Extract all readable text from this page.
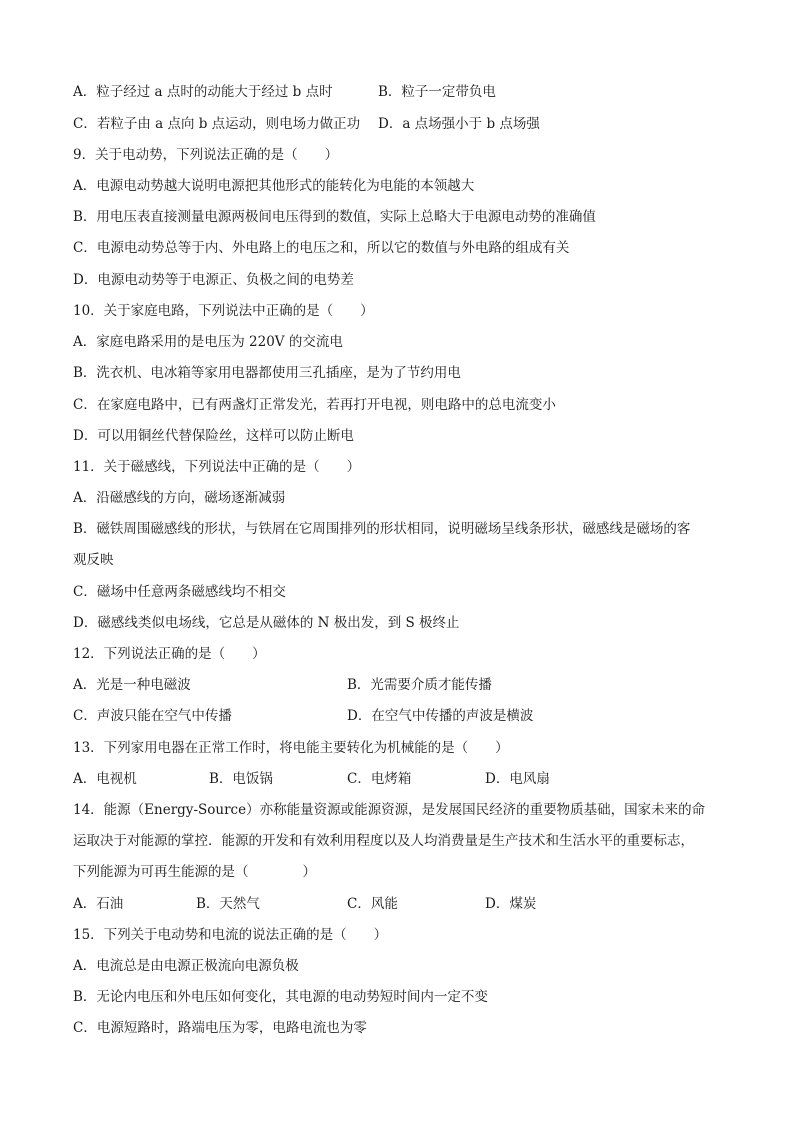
A．粒子经过 a 点时的动能大于经过 b 点时	B．粒子一定带负电
C．若粒子由 a 点向 b 点运动，则电场力做正功 D．a 点场强小于 b 点场强
9．关于电动势，下列说法正确的是（　　）
A．电源电动势越大说明电源把其他形式的能转化为电能的本领越大
B．用电压表直接测量电源两极间电压得到的数值，实际上总略大于电源电动势的准确值
C．电源电动势总等于内、外电路上的电压之和，所以它的数值与外电路的组成有关
D．电源电动势等于电源正、负极之间的电势差
10．关于家庭电路，下列说法中正确的是（　　）
A．家庭电路采用的是电压为 220V 的交流电
B．洗衣机、电冰箱等家用电器都使用三孔插座，是为了节约用电
C．在家庭电路中，已有两盏灯正常发光，若再打开电视，则电路中的总电流变小
D．可以用铜丝代替保险丝，这样可以防止断电
11．关于磁感线，下列说法中正确的是（　　）
A．沿磁感线的方向，磁场逐渐减弱
B．磁铁周围磁感线的形状，与铁屑在它周围排列的形状相同，说明磁场呈线条形状，磁感线是磁场的客
观反映
C．磁场中任意两条磁感线均不相交
D．磁感线类似电场线，它总是从磁体的 N 极出发，到 S 极终止
12．下列说法正确的是（　　）
A．光是一种电磁波	B．光需要介质才能传播
C．声波只能在空气中传播	D．在空气中传播的声波是横波
13．下列家用电器在正常工作时，将电能主要转化为机械能的是（　　）
A．电视机	B．电饭锅	C．电烤箱	D．电风扇
14．能源（Energy-Source）亦称能量资源或能源资源，是发展国民经济的重要物质基础，国家未来的命
运取决于对能源的掌控．能源的开发和有效利用程度以及人均消费量是生产技术和生活水平的重要标志，
下列能源为可再生能源的是（　　　　）
A．石油	B．天然气	C．风能	D．煤炭
15．下列关于电动势和电流的说法正确的是（　　）
A．电流总是由电源正极流向电源负极
B．无论内电压和外电压如何变化，其电源的电动势短时间内一定不变
C．电源短路时，路端电压为零，电路电流也为零
